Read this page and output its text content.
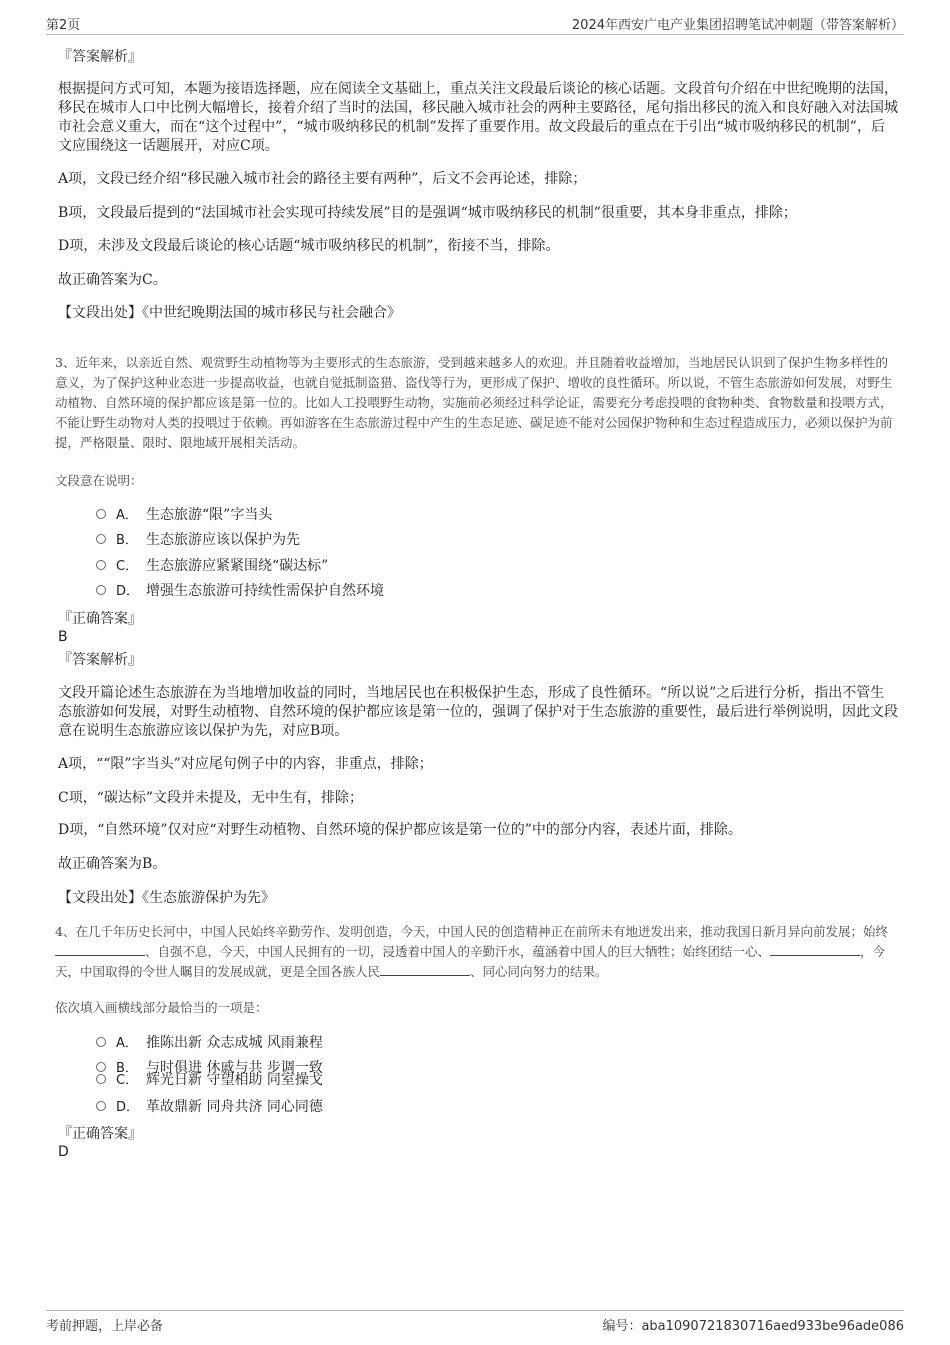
第2页	2024年西安广电产业集团招聘笔试冲刺题（带答案解析）
『答案解析』

根据提问方式可知，本题为接语选择题，应在阅读全文基础上，重点关注文段最后谈论的核心话题。文段首句介绍在中世纪晚期的法国，移民在城市人口中比例大幅增长，接着介绍了当时的法国，移民融入城市社会的两种主要路径，尾句指出移民的流入和良好融入对法国城市社会意义重大，而在“这个过程中”，“城市吸纳移民的机制”发挥了重要作用。故文段最后的重点在于引出“城市吸纳移民的机制”，后文应围绕这一话题展开，对应C项。

A项，文段已经介绍“移民融入城市社会的路径主要有两种”，后文不会再论述，排除；

B项，文段最后提到的“法国城市社会实现可持续发展”目的是强调“城市吸纳移民的机制”很重要，其本身非重点，排除；

D项，未涉及文段最后谈论的核心话题“城市吸纳移民的机制”，衔接不当，排除。

故正确答案为C。

【文段出处】《中世纪晚期法国的城市移民与社会融合》

3、近年来，以亲近自然、观赏野生动植物等为主要形式的生态旅游，受到越来越多人的欢迎。并且随着收益增加，当地居民认识到了保护生物多样性的意义，为了保护这种业态进一步提高收益，也就自觉抵制盗猎、盗伐等行为，更形成了保护、增收的良性循环。所以说，不管生态旅游如何发展，对野生动植物、自然环境的保护都应该是第一位的。比如人工投喂野生动物，实施前必须经过科学论证，需要充分考虑投喂的食物种类、食物数量和投喂方式，不能让野生动物对人类的投喂过于依赖。再如游客在生态旅游过程中产生的生态足迹、碳足迹不能对公园保护物种和生态过程造成压力，必须以保护为前提，严格限量、限时、限地域开展相关活动。

文段意在说明：
A． 生态旅游“限”字当头
B． 生态旅游应该以保护为先
C． 生态旅游应紧紧围绕“碳达标”
D． 增强生态旅游可持续性需保护自然环境
『正确答案』
B
『答案解析』

文段开篇论述生态旅游在为当地增加收益的同时，当地居民也在积极保护生态，形成了良性循环。“所以说”之后进行分析，指出不管生态旅游如何发展，对野生动植物、自然环境的保护都应该是第一位的，强调了保护对于生态旅游的重要性，最后进行举例说明，因此文段意在说明生态旅游应该以保护为先，对应B项。

A项，““限”字当头”对应尾句例子中的内容，非重点，排除；

C项，“碳达标”文段并未提及，无中生有，排除；

D项，“自然环境”仅对应“对野生动植物、自然环境的保护都应该是第一位的”中的部分内容，表述片面，排除。

故正确答案为B。

【文段出处】《生态旅游保护为先》

4、在几千年历史长河中，中国人民始终辛勤劳作、发明创造，今天，中国人民的创造精神正在前所未有地迸发出来，推动我国日新月异向前发展；始终、自强不息，今天，中国人民拥有的一切，浸透着中国人的辛勤汗水，蕴涵着中国人的巨大牺牲；始终团结一心、	，今天，中国取得的令世人瞩目的发展成就，更是全国各族人民	、同心同向努力的结果。

依次填入画横线部分最恰当的一项是：
A． 推陈出新 众志成城 风雨兼程
B． 与时俱进 休戚与共 步调一致
C． 辉光日新 守望相助 同室操戈
D． 革故鼎新 同舟共济 同心同德
『正确答案』
D
考前押题，上岸必备	编号：aba1090721830716aed933be96ade086
